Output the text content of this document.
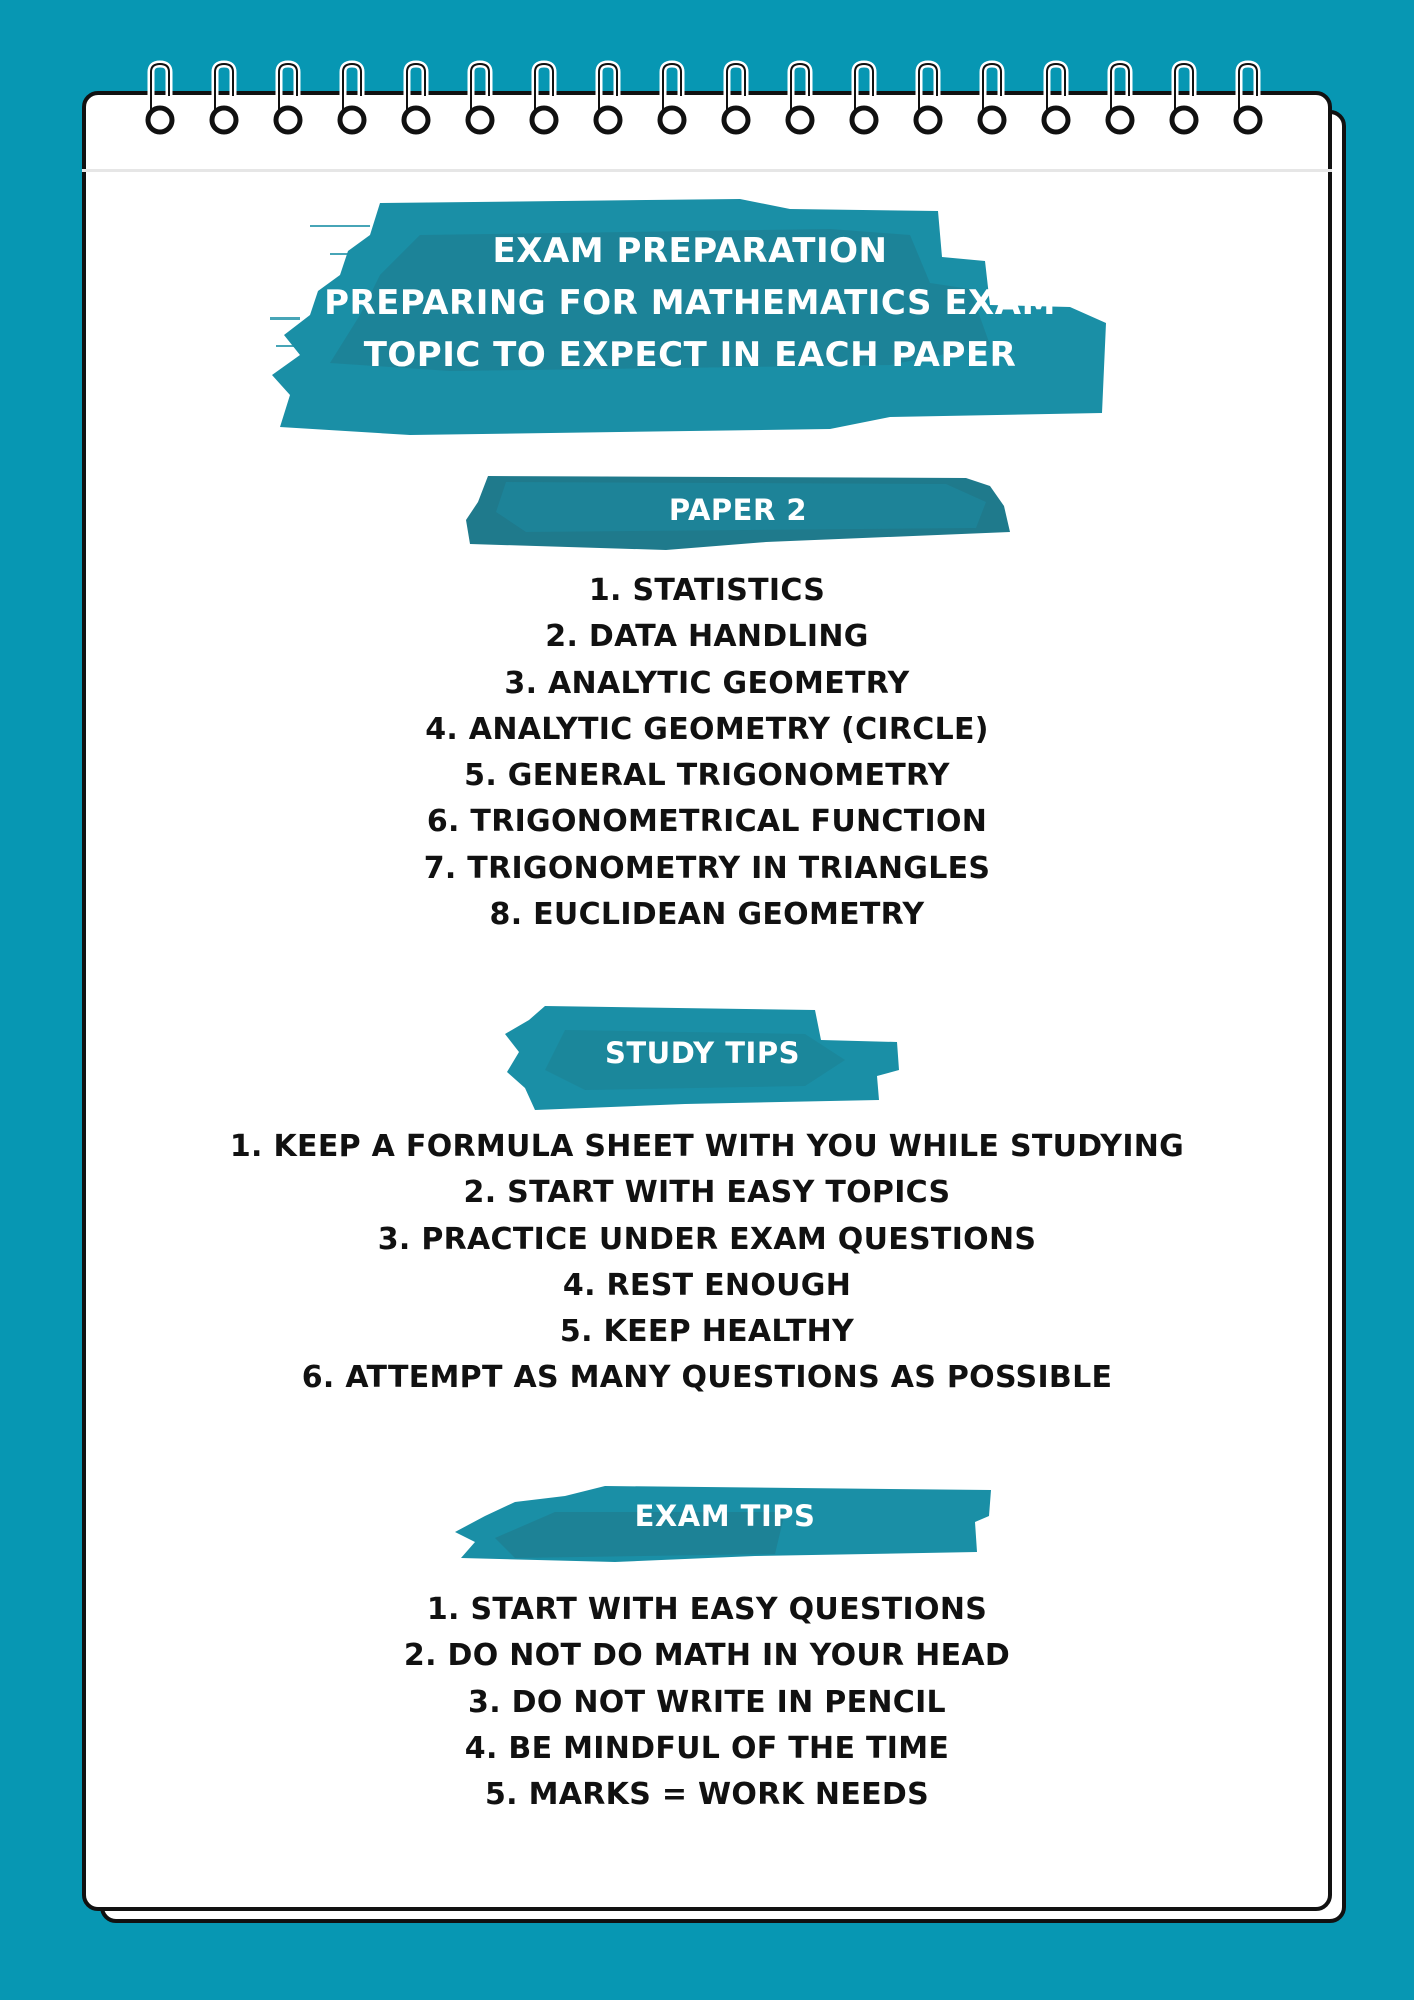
EXAM PREPARATION
PREPARING FOR MATHEMATICS EXAM
TOPIC TO EXPECT IN EACH PAPER
PAPER 2
1. STATISTICS
2. DATA HANDLING
3. ANALYTIC GEOMETRY
4. ANALYTIC GEOMETRY (CIRCLE)
5. GENERAL TRIGONOMETRY
6. TRIGONOMETRICAL FUNCTION
7. TRIGONOMETRY IN TRIANGLES
8. EUCLIDEAN GEOMETRY
STUDY TIPS
1. KEEP A FORMULA SHEET WITH YOU WHILE STUDYING
2. START WITH EASY TOPICS
3. PRACTICE UNDER EXAM QUESTIONS
4. REST ENOUGH
5. KEEP HEALTHY
6. ATTEMPT AS MANY QUESTIONS AS POSSIBLE
EXAM TIPS
1. START WITH EASY QUESTIONS
2. DO NOT DO MATH IN YOUR HEAD
3. DO NOT WRITE IN PENCIL
4. BE MINDFUL OF THE TIME
5. MARKS = WORK NEEDS
